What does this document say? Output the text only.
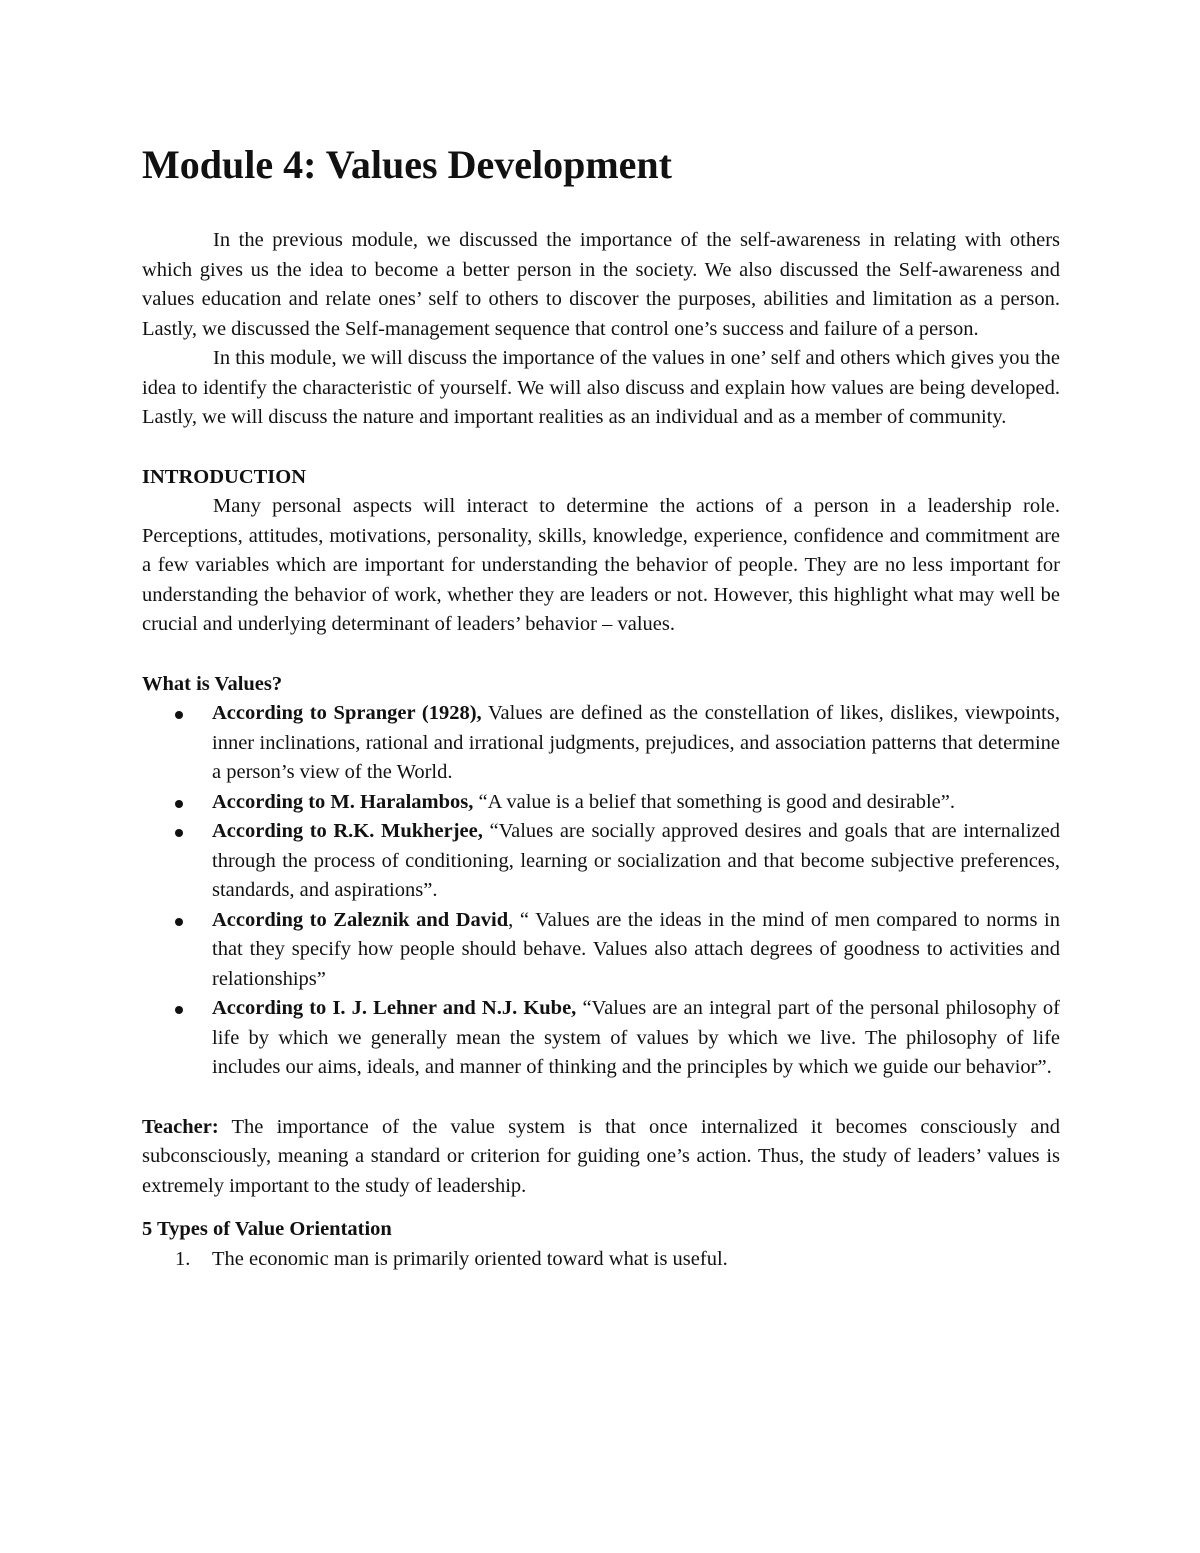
Module 4: Values Development

In the previous module, we discussed the importance of the self-awareness in relating with others which gives us the idea to become a better person in the society. We also discussed the Self-awareness and values education and relate ones’ self to others to discover the purposes, abilities and limitation as a person. Lastly, we discussed the Self-management sequence that control one’s success and failure of a person.

In this module, we will discuss the importance of the values in one’ self and others which gives you the idea to identify the characteristic of yourself. We will also discuss and explain how values are being developed. Lastly, we will discuss the nature and important realities as an individual and as a member of community.

INTRODUCTION

Many personal aspects will interact to determine the actions of a person in a leadership role. Perceptions, attitudes, motivations, personality, skills, knowledge, experience, confidence and commitment are a few variables which are important for understanding the behavior of people. They are no less important for understanding the behavior of work, whether they are leaders or not. However, this highlight what may well be crucial and underlying determinant of leaders’ behavior – values.

What is Values?

According to Spranger (1928), Values are defined as the constellation of likes, dislikes, viewpoints, inner inclinations, rational and irrational judgments, prejudices, and association patterns that determine a person’s view of the World.
According to M. Haralambos, “A value is a belief that something is good and desirable”.
According to R.K. Mukherjee, “Values are socially approved desires and goals that are internalized through the process of conditioning, learning or socialization and that become subjective preferences, standards, and aspirations”.
According to Zaleznik and David, “ Values are the ideas in the mind of men compared to norms in that they specify how people should behave. Values also attach degrees of goodness to activities and relationships”
According to I. J. Lehner and N.J. Kube, “Values are an integral part of the personal philosophy of life by which we generally mean the system of values by which we live. The philosophy of life includes our aims, ideals, and manner of thinking and the principles by which we guide our behavior”.

Teacher: The importance of the value system is that once internalized it becomes consciously and subconsciously, meaning a standard or criterion for guiding one’s action. Thus, the study of leaders’ values is extremely important to the study of leadership.

5 Types of Value Orientation

1. The economic man is primarily oriented toward what is useful.
